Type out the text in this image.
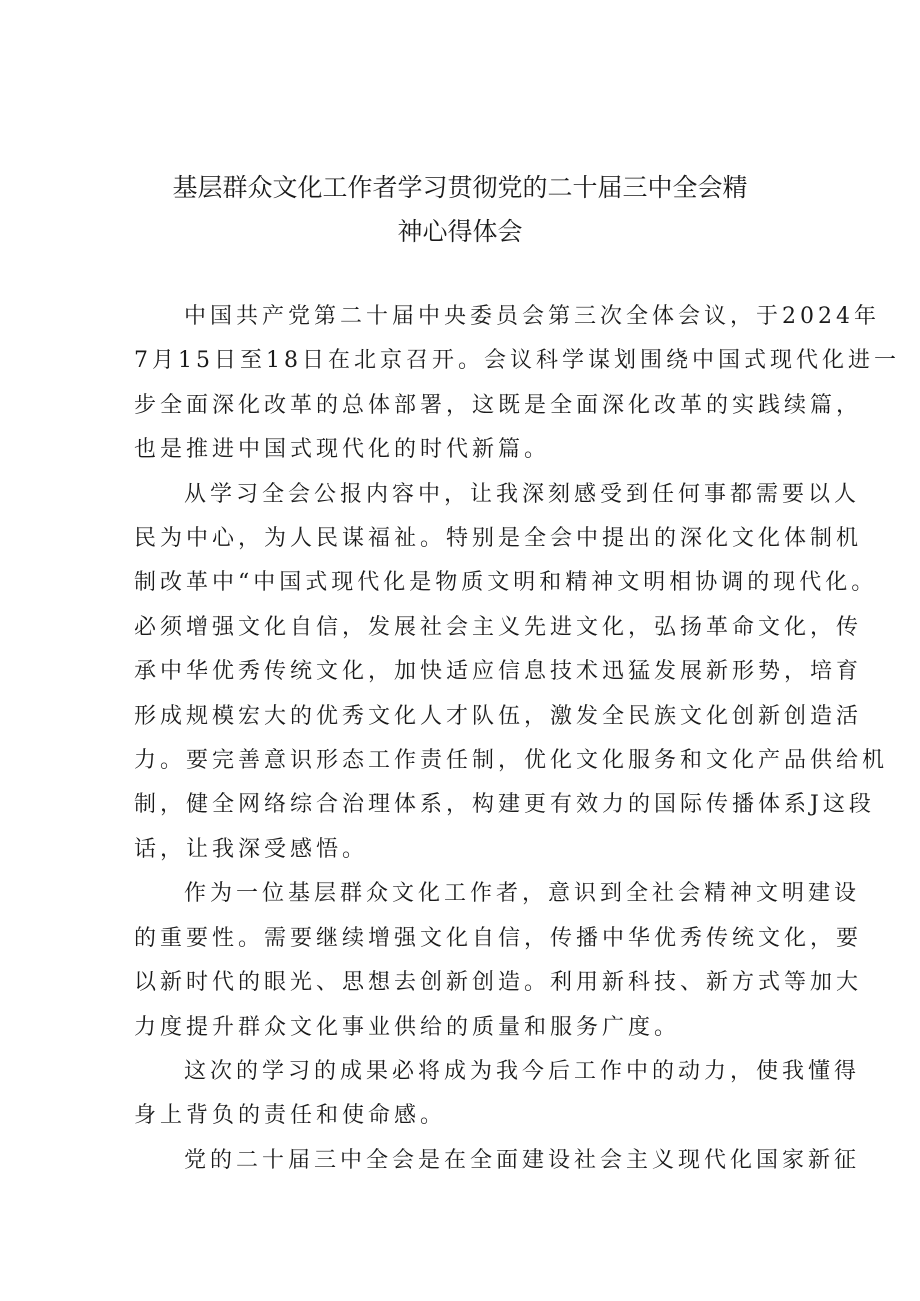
基层群众文化工作者学习贯彻党的二十届三中全会精
神心得体会

中国共产党第二十届中央委员会第三次全体会议，于2024年
7月15日至18日在北京召开。会议科学谋划围绕中国式现代化进一
步全面深化改革的总体部署，这既是全面深化改革的实践续篇，
也是推进中国式现代化的时代新篇。

从学习全会公报内容中，让我深刻感受到任何事都需要以人
民为中心，为人民谋福祉。特别是全会中提出的深化文化体制机
制改革中“中国式现代化是物质文明和精神文明相协调的现代化。
必须增强文化自信，发展社会主义先进文化，弘扬革命文化，传
承中华优秀传统文化，加快适应信息技术迅猛发展新形势，培育
形成规模宏大的优秀文化人才队伍，激发全民族文化创新创造活
力。要完善意识形态工作责任制，优化文化服务和文化产品供给机
制，健全网络综合治理体系，构建更有效力的国际传播体系J这段
话，让我深受感悟。

作为一位基层群众文化工作者，意识到全社会精神文明建设
的重要性。需要继续增强文化自信，传播中华优秀传统文化，要
以新时代的眼光、思想去创新创造。利用新科技、新方式等加大
力度提升群众文化事业供给的质量和服务广度。

这次的学习的成果必将成为我今后工作中的动力，使我懂得
身上背负的责任和使命感。

党的二十届三中全会是在全面建设社会主义现代化国家新征
